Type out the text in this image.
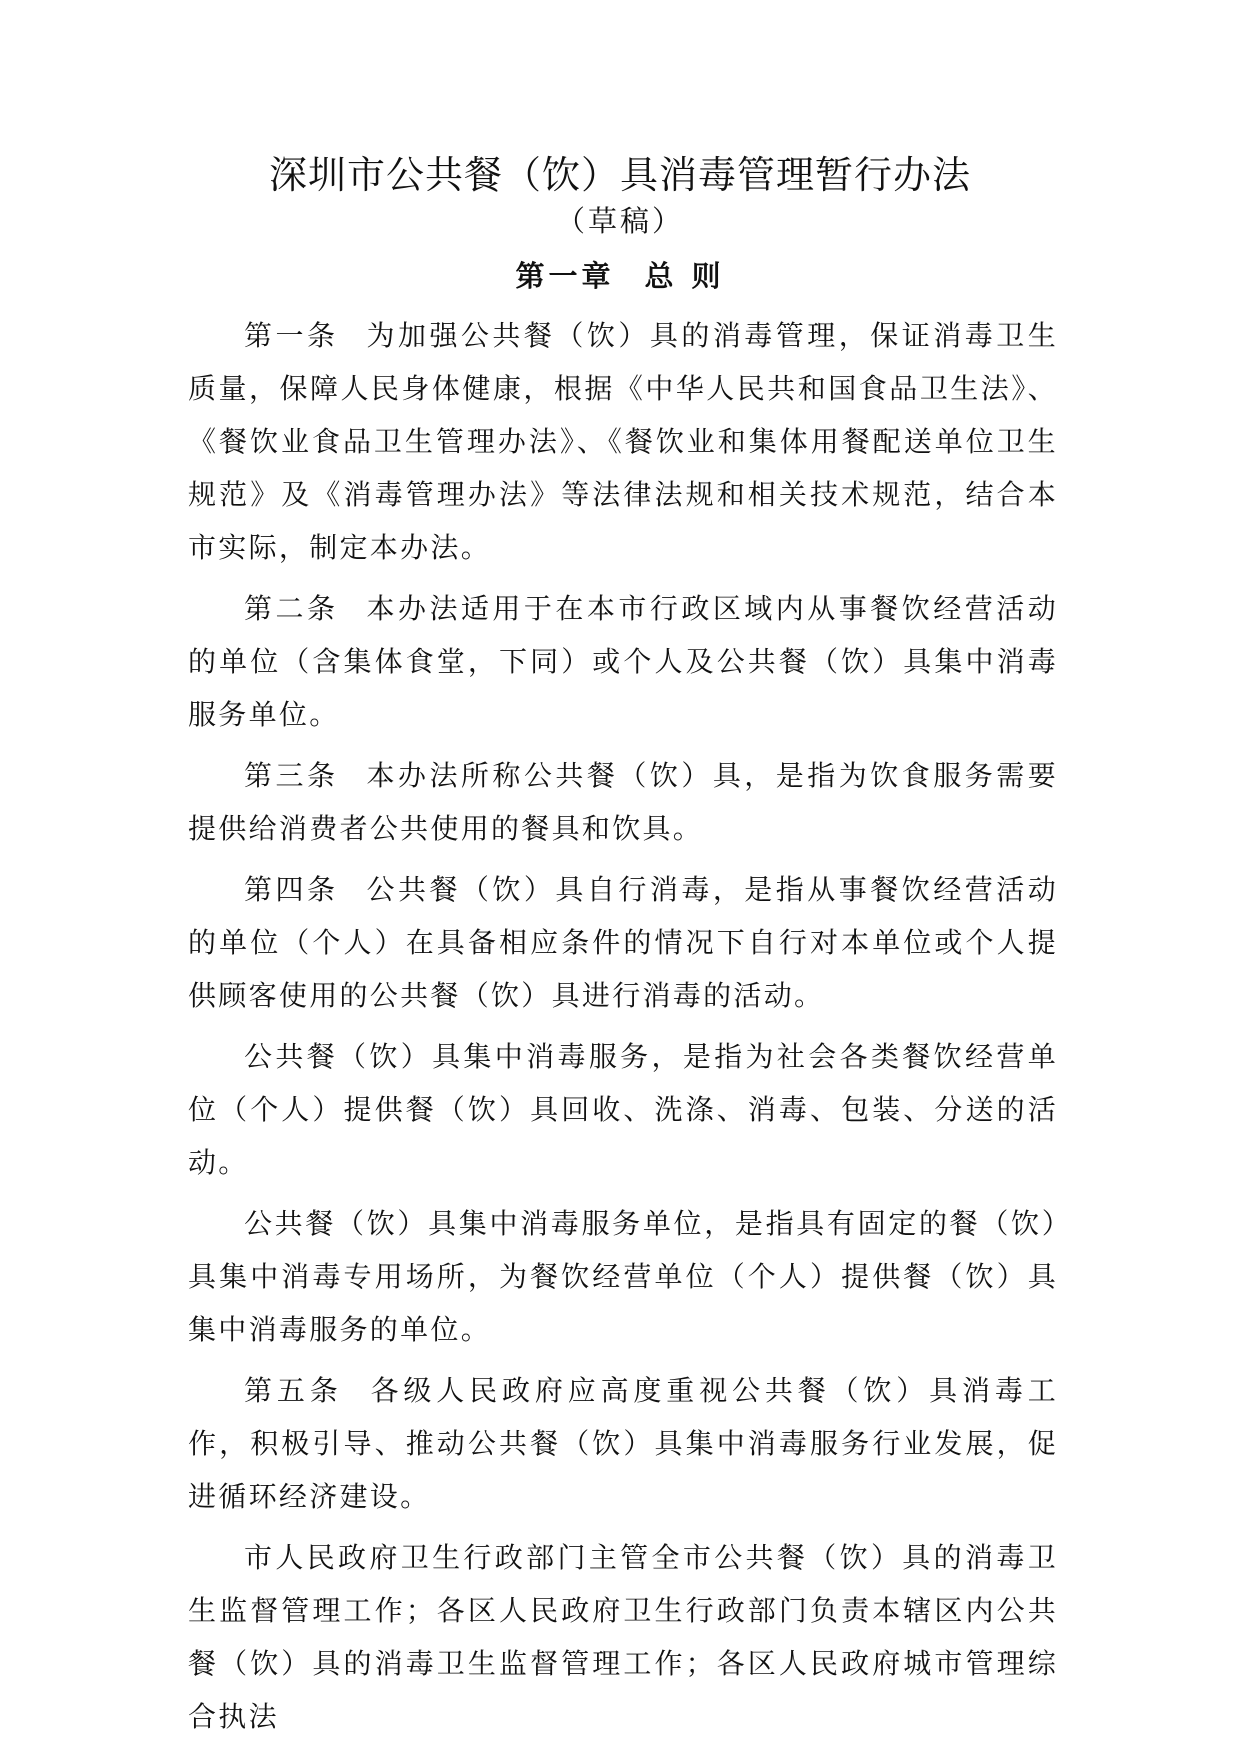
深圳市公共餐（饮）具消毒管理暂行办法
（草稿）
第一章 总 则

第一条 为加强公共餐（饮）具的消毒管理，保证消毒卫生质量，保障人民身体健康，根据《中华人民共和国食品卫生法》、《餐饮业食品卫生管理办法》、《餐饮业和集体用餐配送单位卫生规范》及《消毒管理办法》等法律法规和相关技术规范，结合本市实际，制定本办法。

第二条 本办法适用于在本市行政区域内从事餐饮经营活动的单位（含集体食堂，下同）或个人及公共餐（饮）具集中消毒服务单位。

第三条 本办法所称公共餐（饮）具，是指为饮食服务需要提供给消费者公共使用的餐具和饮具。

第四条 公共餐（饮）具自行消毒，是指从事餐饮经营活动的单位（个人）在具备相应条件的情况下自行对本单位或个人提供顾客使用的公共餐（饮）具进行消毒的活动。

公共餐（饮）具集中消毒服务，是指为社会各类餐饮经营单位（个人）提供餐（饮）具回收、洗涤、消毒、包装、分送的活动。

公共餐（饮）具集中消毒服务单位，是指具有固定的餐（饮）具集中消毒专用场所，为餐饮经营单位（个人）提供餐（饮）具集中消毒服务的单位。

第五条 各级人民政府应高度重视公共餐（饮）具消毒工作，积极引导、推动公共餐（饮）具集中消毒服务行业发展，促进循环经济建设。

市人民政府卫生行政部门主管全市公共餐（饮）具的消毒卫生监督管理工作；各区人民政府卫生行政部门负责本辖区内公共餐（饮）具的消毒卫生监督管理工作；各区人民政府城市管理综合执法
